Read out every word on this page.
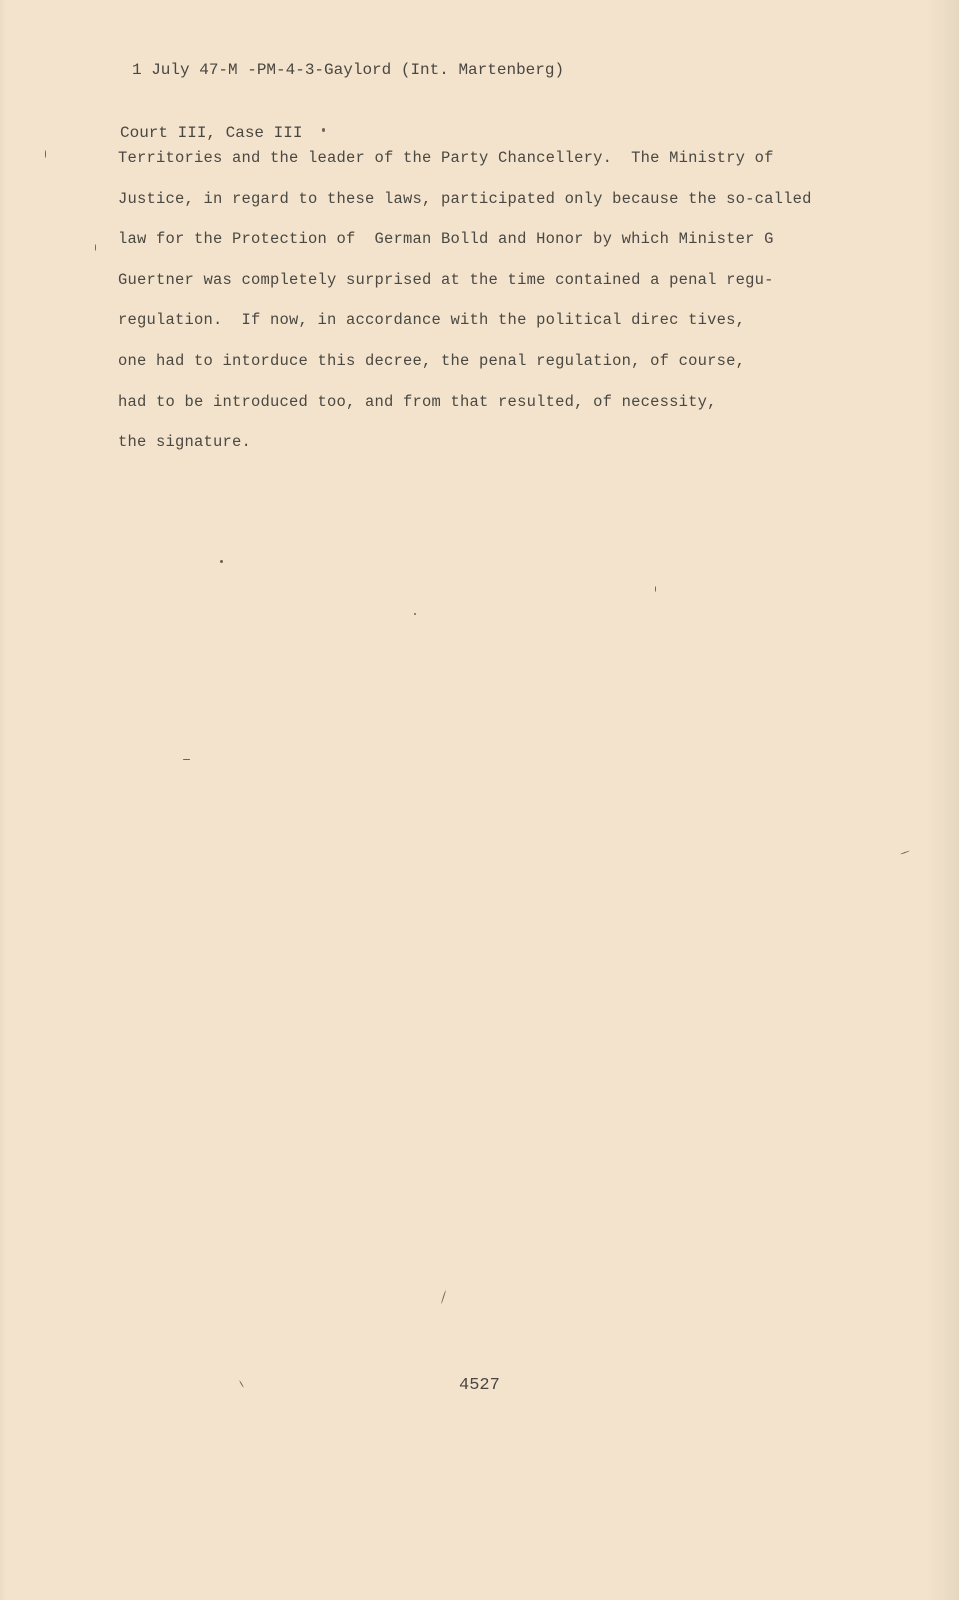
1 July 47-M -PM-4-3-Gaylord (Int. Martenberg)

Court III, Case III

Territories and the leader of the Party Chancellery.  The Ministry of
Justice, in regard to these laws, participated only because the so-called
law for the Protection of  German Bolld and Honor by which Minister G
Guertner was completely surprised at the time contained a penal regu-
regulation.  If now, in accordance with the political direc tives,
one had to intorduce this decree, the penal regulation, of course,
had to be introduced too, and from that resulted, of necessity,
the signature.
4527
